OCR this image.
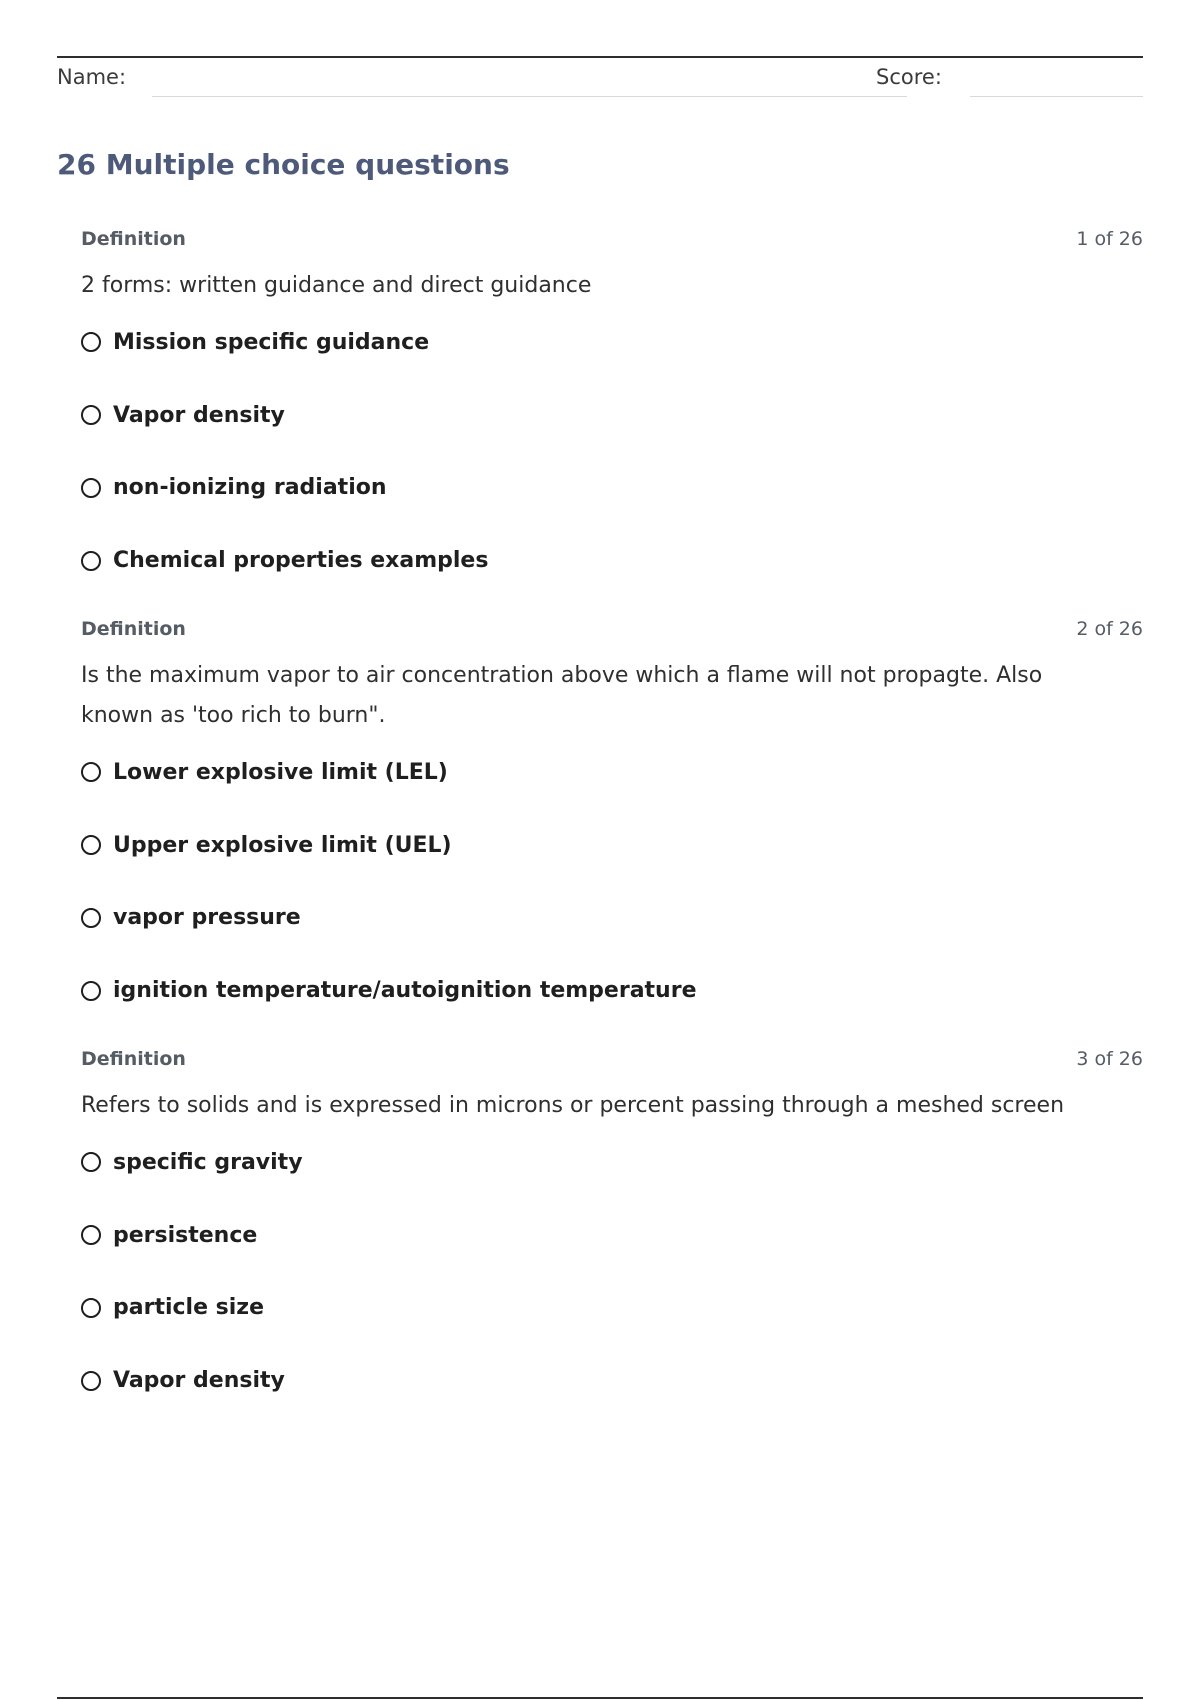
Name:	Score:
26 Multiple choice questions
Definition	1 of 26
2 forms: written guidance and direct guidance
Mission specific guidance
Vapor density
non-ionizing radiation
Chemical properties examples
Definition	2 of 26
Is the maximum vapor to air concentration above which a flame will not propagte. Also known as 'too rich to burn".
Lower explosive limit (LEL)
Upper explosive limit (UEL)
vapor pressure
ignition temperature/autoignition temperature
Definition	3 of 26
Refers to solids and is expressed in microns or percent passing through a meshed screen
specific gravity
persistence
particle size
Vapor density
